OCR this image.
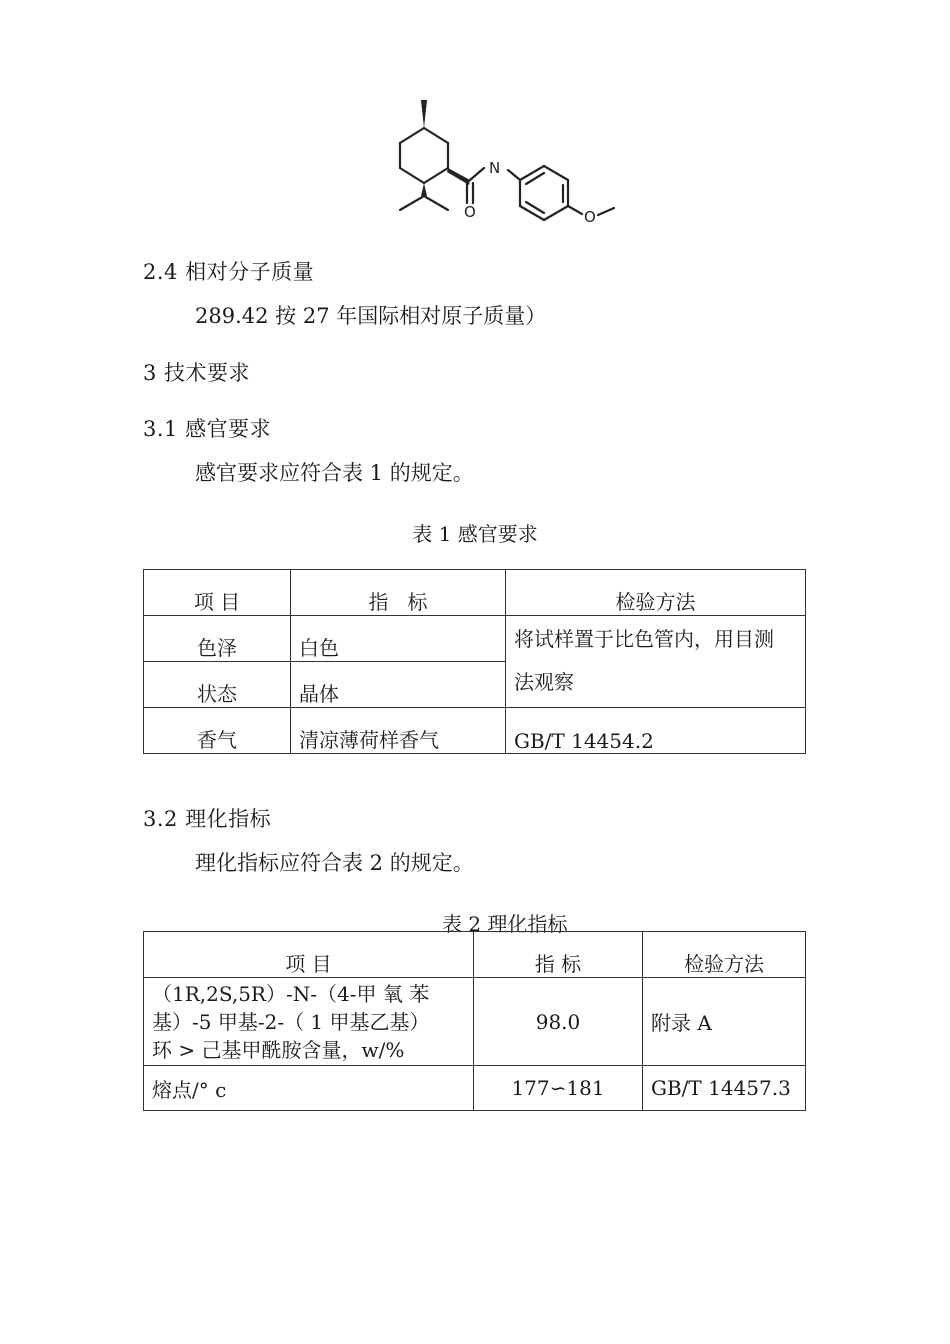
N
O	O
2.4 相对分子质量
289.42 按 27 年国际相对原子质量）
3 技术要求
3.1 感官要求
感官要求应符合表 1 的规定。
表 1 感官要求
项 目	指   标	检验方法
色泽	白色	将试样置于比色管内，用目测
法观察

状态	晶体	
香气	清凉薄荷样香气	GB/T 14454.2
3.2 理化指标
理化指标应符合表 2 的规定。
表 2 理化指标
项 目	指 标	检验方法

（1R,2S,5R）-N-（4-甲 氧 苯
基）-5 甲基-2-（ 1 甲基乙基）
环 > 己基甲酰胺含量，w/%	98.0	附录 A
熔点/° c	177∽181	GB/T 14457.3
